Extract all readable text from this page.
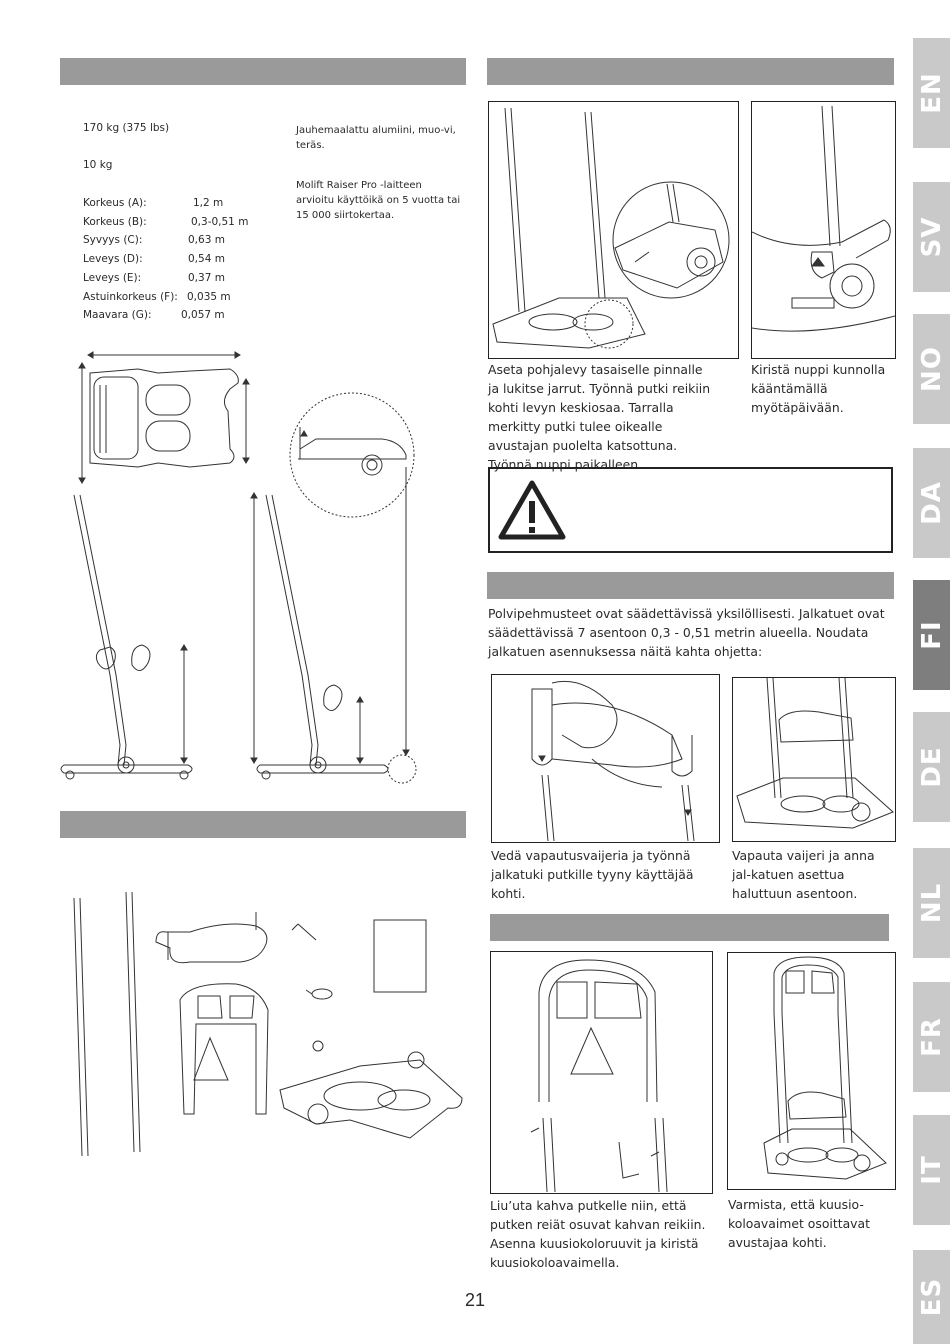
EN
SV
NO
DA
FI
DE
NL
FR
IT
ES
170 kg (375 lbs)
10 kg
Korkeus (A):	1,2 m
Korkeus (B):	0,3-0,51 m
Syvyys (C):	0,63 m
Leveys (D):	0,54 m
Leveys (E):	0,37 m
Astuinkorkeus (F): 0,035 m
Maavara (G):	0,057 m
Jauhemaalattu alumiini, muo-vi, teräs.
Molift Raiser Pro -laitteen arvioitu käyttöikä on 5 vuotta tai 15 000 siirtokertaa.
Aseta pohjalevy tasaiselle pinnalle ja lukitse jarrut. Työnnä putki reikiin kohti levyn keskiosaa. Tarralla merkitty putki tulee oikealle avustajan puolelta katsottuna. Työnnä nuppi paikalleen.
Kiristä nuppi kunnolla kääntämällä myötäpäivään.
Polvipehmusteet ovat säädettävissä yksilöllisesti. Jalkatuet ovat säädettävissä 7 asentoon 0,3 - 0,51 metrin alueella. Noudata jalkatuen asennuksessa näitä kahta ohjetta:
Vedä vapautusvaijeria ja työnnä jalkatuki putkille tyyny käyttäjää kohti.
Vapauta vaijeri ja anna jal-katuen asettua haluttuun asentoon.
Liu’uta kahva putkelle niin, että putken reiät osuvat kahvan reikiin. Asenna kuusiokoloruuvit ja kiristä kuusiokoloavaimella.
Varmista, että kuusio-koloavaimet osoittavat avustajaa kohti.
21
